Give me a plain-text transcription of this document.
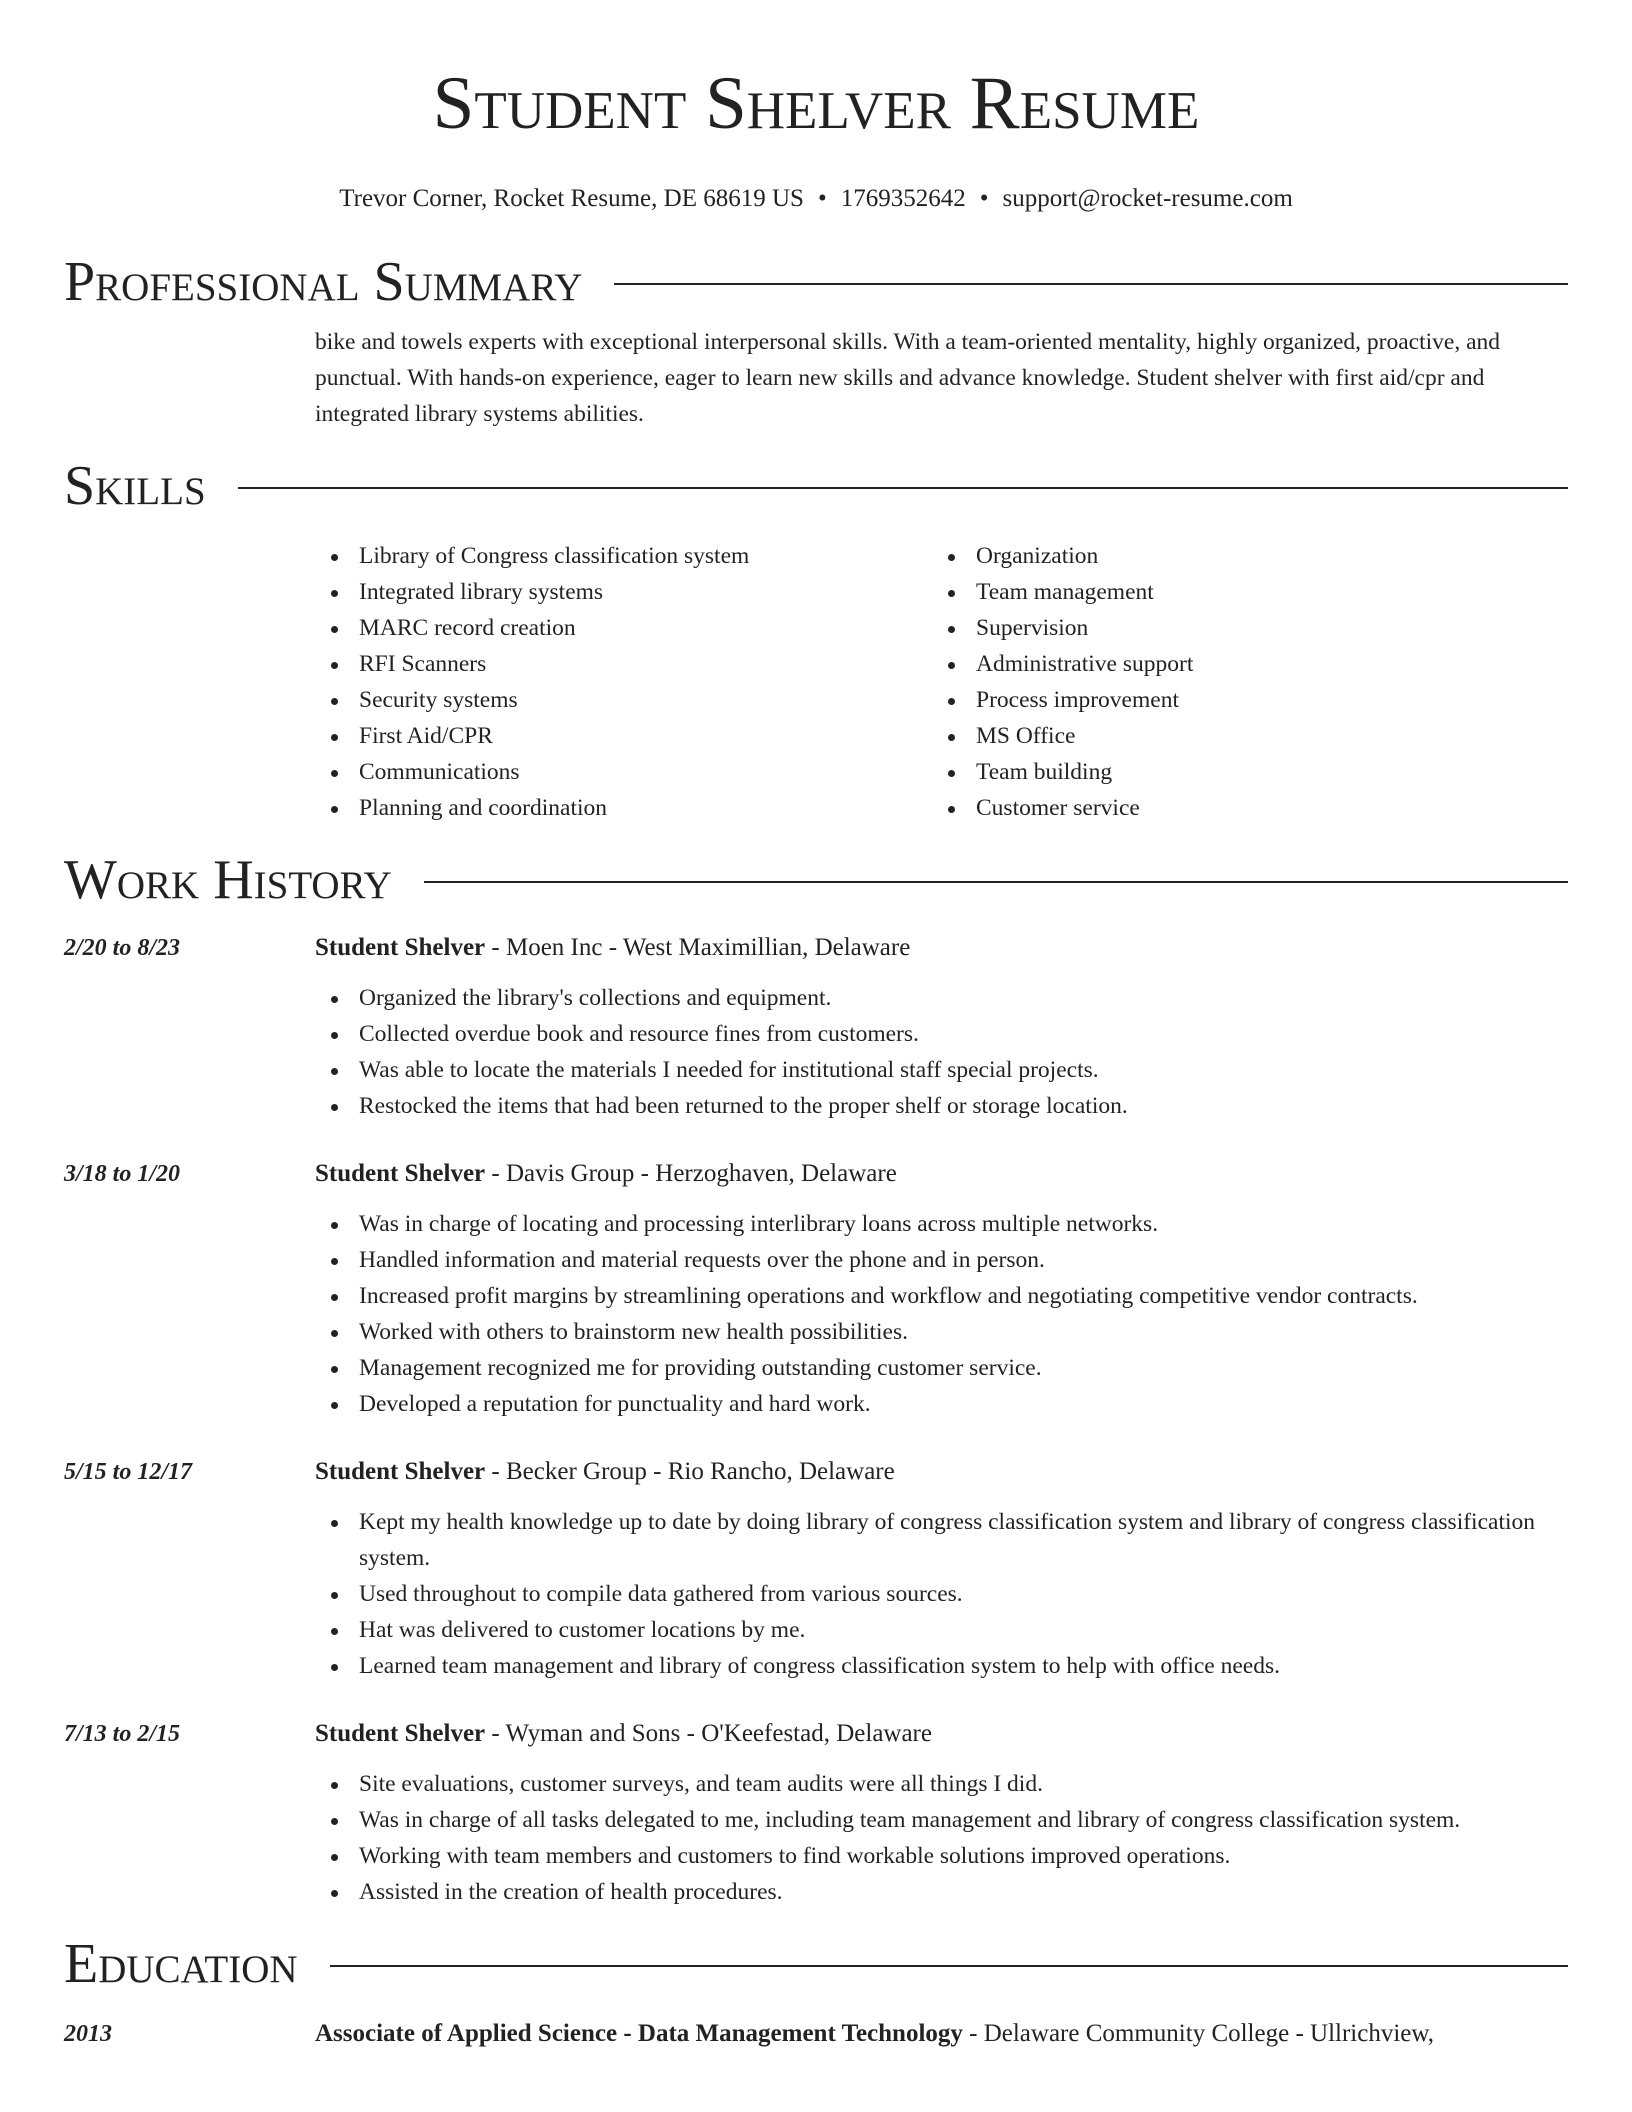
Student Shelver Resume
Trevor Corner, Rocket Resume, DE 68619 US • 1769352642 • support@rocket-resume.com
Professional Summary
bike and towels experts with exceptional interpersonal skills. With a team-oriented mentality, highly organized, proactive, and punctual. With hands-on experience, eager to learn new skills and advance knowledge. Student shelver with first aid/cpr and integrated library systems abilities.
Skills
Library of Congress classification system
Integrated library systems
MARC record creation
RFI Scanners
Security systems
First Aid/CPR
Communications
Planning and coordination
Organization
Team management
Supervision
Administrative support
Process improvement
MS Office
Team building
Customer service
Work History
2/20 to 8/23	Student Shelver - Moen Inc - West Maximillian, Delaware
Organized the library's collections and equipment.
Collected overdue book and resource fines from customers.
Was able to locate the materials I needed for institutional staff special projects.
Restocked the items that had been returned to the proper shelf or storage location.
3/18 to 1/20	Student Shelver - Davis Group - Herzoghaven, Delaware
Was in charge of locating and processing interlibrary loans across multiple networks.
Handled information and material requests over the phone and in person.
Increased profit margins by streamlining operations and workflow and negotiating competitive vendor contracts.
Worked with others to brainstorm new health possibilities.
Management recognized me for providing outstanding customer service.
Developed a reputation for punctuality and hard work.
5/15 to 12/17	Student Shelver - Becker Group - Rio Rancho, Delaware
Kept my health knowledge up to date by doing library of congress classification system and library of congress classification system.
Used throughout to compile data gathered from various sources.
Hat was delivered to customer locations by me.
Learned team management and library of congress classification system to help with office needs.
7/13 to 2/15	Student Shelver - Wyman and Sons - O'Keefestad, Delaware
Site evaluations, customer surveys, and team audits were all things I did.
Was in charge of all tasks delegated to me, including team management and library of congress classification system.
Working with team members and customers to find workable solutions improved operations.
Assisted in the creation of health procedures.
Education
2013	Associate of Applied Science - Data Management Technology - Delaware Community College - Ullrichview,
